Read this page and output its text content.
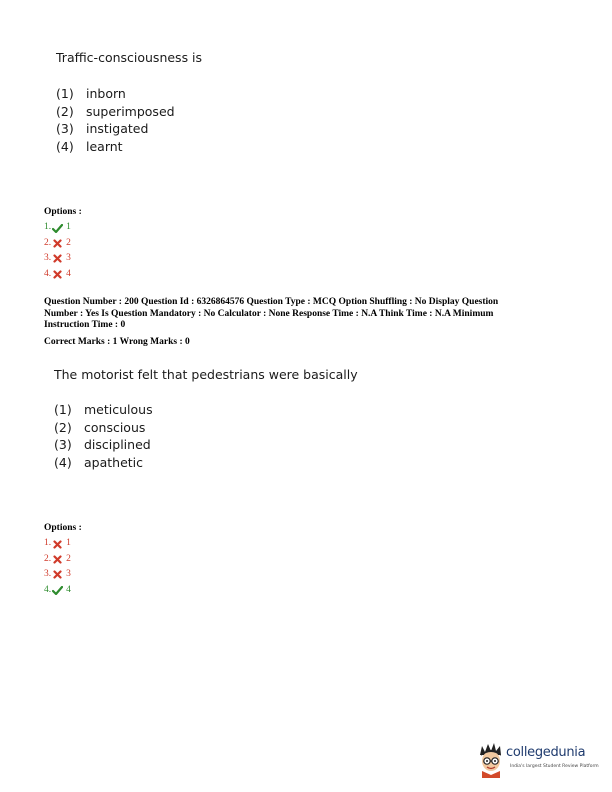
Traffic-consciousness is
(1) inborn
(2) superimposed
(3) instigated
(4) learnt
Options :
1. 1
2. 2
3. 3
4. 4

Question Number : 200 Question Id : 6326864576 Question Type : MCQ Option Shuffling : No Display Question

Number : Yes Is Question Mandatory : No Calculator : None Response Time : N.A Think Time : N.A Minimum

Instruction Time : 0

Correct Marks : 1 Wrong Marks : 0

The motorist felt that pedestrians were basically
(1) meticulous
(2) conscious
(3) disciplined
(4) apathetic
Options :
1. 1
2. 2
3. 3
4. 4
collegedunia
India's largest Student Review Platform
